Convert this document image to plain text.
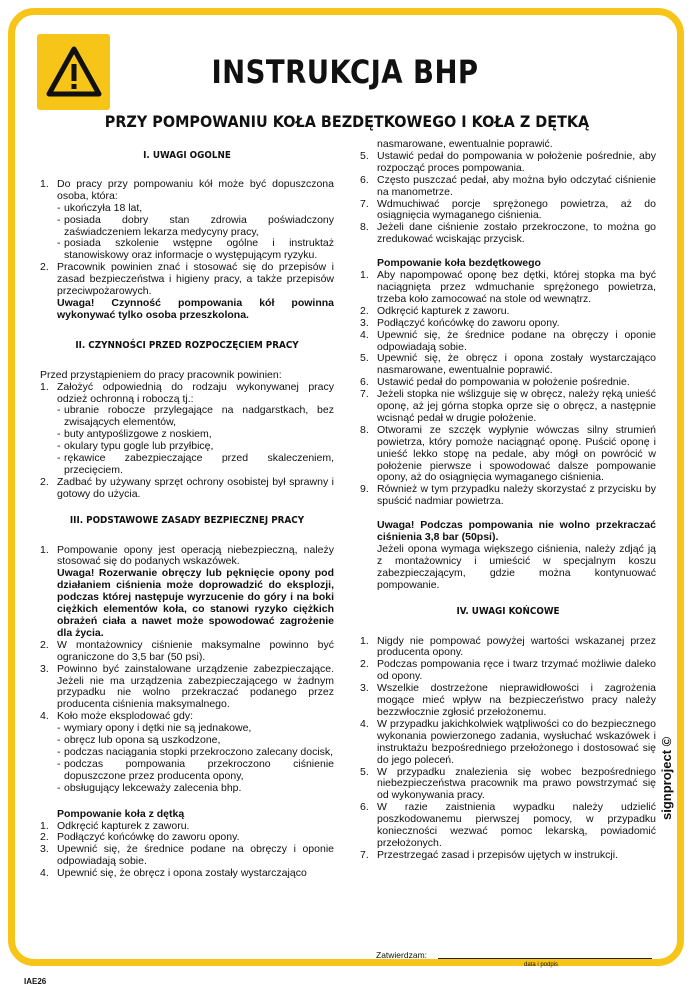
INSTRUKCJA BHP
PRZY POMPOWANIU KOŁA BEZDĘTKOWEGO I KOŁA Z DĘTKĄ
I. UWAGI OGÓLNE
1. Do pracy przy pompowaniu kół może być dopuszczona osoba, która:
- ukończyła 18 lat,
- posiada dobry stan zdrowia poświadczony zaświadczeniem lekarza medycyny pracy,
- posiada szkolenie wstępne ogólne i instruktaż stanowiskowy oraz informacje o występującym ryzyku.
2. Pracownik powinien znać i stosować się do przepisów i zasad bezpieczeństwa i higieny pracy, a także przepisów przeciwpożarowych.
Uwaga! Czynność pompowania kół powinna wykonywać tylko osoba przeszkolona.
II. CZYNNOŚCI PRZED ROZPOCZĘCIEM PRACY
Przed przystąpieniem do pracy pracownik powinien:
1. Założyć odpowiednią do rodzaju wykonywanej pracy odzież ochronną i roboczą tj.:
- ubranie robocze przylegające na nadgarstkach, bez zwisających elementów,
- buty antypoślizgowe z noskiem,
- okulary typu gogle lub przyłbicę,
- rękawice zabezpieczające przed skaleczeniem, przecięciem.
2. Zadbać by używany sprzęt ochrony osobistej był sprawny i gotowy do użycia.
III. PODSTAWOWE ZASADY BEZPIECZNEJ PRACY
1. Pompowanie opony jest operacją niebezpieczną, należy stosować się do podanych wskazówek.
Uwaga! Rozerwanie obręczy lub pęknięcie opony pod działaniem ciśnienia może doprowadzić do eksplozji, podczas której następuje wyrzucenie do góry i na boki ciężkich elementów koła, co stanowi ryzyko ciężkich obrażeń ciała a nawet może spowodować zagrożenie dla życia.
2. W montażownicy ciśnienie maksymalne powinno być ograniczone do 3,5 bar (50 psi).
3. Powinno być zainstalowane urządzenie zabezpieczające. Jeżeli nie ma urządzenia zabezpieczającego w żadnym przypadku nie wolno przekraczać podanego przez producenta ciśnienia maksymalnego.
4. Koło może eksplodować gdy:
- wymiary opony i dętki nie są jednakowe,
- obręcz lub opona są uszkodzone,
- podczas naciągania stopki przekroczono zalecany docisk,
- podczas pompowania przekroczono ciśnienie dopuszczone przez producenta opony,
- obsługujący lekceważy zalecenia bhp.
Pompowanie koła z dętką
1. Odkręcić kapturek z zaworu.
2. Podłączyć końcówkę do zaworu opony.
3. Upewnić się, że średnice podane na obręczy i oponie odpowiadają sobie.
4. Upewnić się, że obręcz i opona zostały wystarczająco
nasmarowane, ewentualnie poprawić.
5. Ustawić pedał do pompowania w położenie pośrednie, aby rozpocząć proces pompowania.
6. Często puszczać pedał, aby można było odczytać ciśnienie na manometrze.
7. Wdmuchiwać porcje sprężonego powietrza, aż do osiągnięcia wymaganego ciśnienia.
8. Jeżeli dane ciśnienie zostało przekroczone, to można go zredukować wciskając przycisk.
Pompowanie koła bezdętkowego
1. Aby napompować oponę bez dętki, której stopka ma być naciągnięta przez wdmuchanie sprężonego powietrza, trzeba koło zamocować na stole od wewnątrz.
2. Odkręcić kapturek z zaworu.
3. Podłączyć końcówkę do zaworu opony.
4. Upewnić się, że średnice podane na obręczy i oponie odpowiadają sobie.
5. Upewnić się, że obręcz i opona zostały wystarczająco nasmarowane, ewentualnie poprawić.
6. Ustawić pedał do pompowania w położenie pośrednie.
7. Jeżeli stopka nie wślizguje się w obręcz, należy ręką unieść oponę, aż jej górna stopka oprze się o obręcz, a następnie wcisnąć pedał w drugie położenie.
8. Otworami ze szczęk wypłynie wówczas silny strumień powietrza, który pomoże naciągnąć oponę. Puścić oponę i unieść lekko stopę na pedale, aby mógł on powrócić w położenie pierwsze i spowodować dalsze pompowanie opony, aż do osiągnięcia wymaganego ciśnienia.
9. Również w tym przypadku należy skorzystać z przycisku by spuścić nadmiar powietrza.
Uwaga! Podczas pompowania nie wolno przekraczać ciśnienia 3,8 bar (50psi).
Jeżeli opona wymaga większego ciśnienia, należy zdjąć ją z montażownicy i umieścić w specjalnym koszu zabezpieczającym, gdzie można kontynuować pompowanie.
IV. UWAGI KOŃCOWE
1. Nigdy nie pompować powyżej wartości wskazanej przez producenta opony.
2. Podczas pompowania ręce i twarz trzymać możliwie daleko od opony.
3. Wszelkie dostrzeżone nieprawidłowości i zagrożenia mogące mieć wpływ na bezpieczeństwo pracy należy bezzwłocznie zgłosić przełożonemu.
4. W przypadku jakichkolwiek wątpliwości co do bezpiecznego wykonania powierzonego zadania, wysłuchać wskazówek i instruktażu bezpośredniego przełożonego i dostosować się do jego poleceń.
5. W przypadku znalezienia się wobec bezpośredniego niebezpieczeństwa pracownik ma prawo powstrzymać się od wykonywania pracy.
6. W razie zaistnienia wypadku należy udzielić poszkodowanemu pierwszej pomocy, w przypadku konieczności wezwać pomoc lekarską, powiadomić przełożonych.
7. Przestrzegać zasad i przepisów ujętych w instrukcji.
Zatwierdzam:
data i podpis
IAE26
signproject ©
